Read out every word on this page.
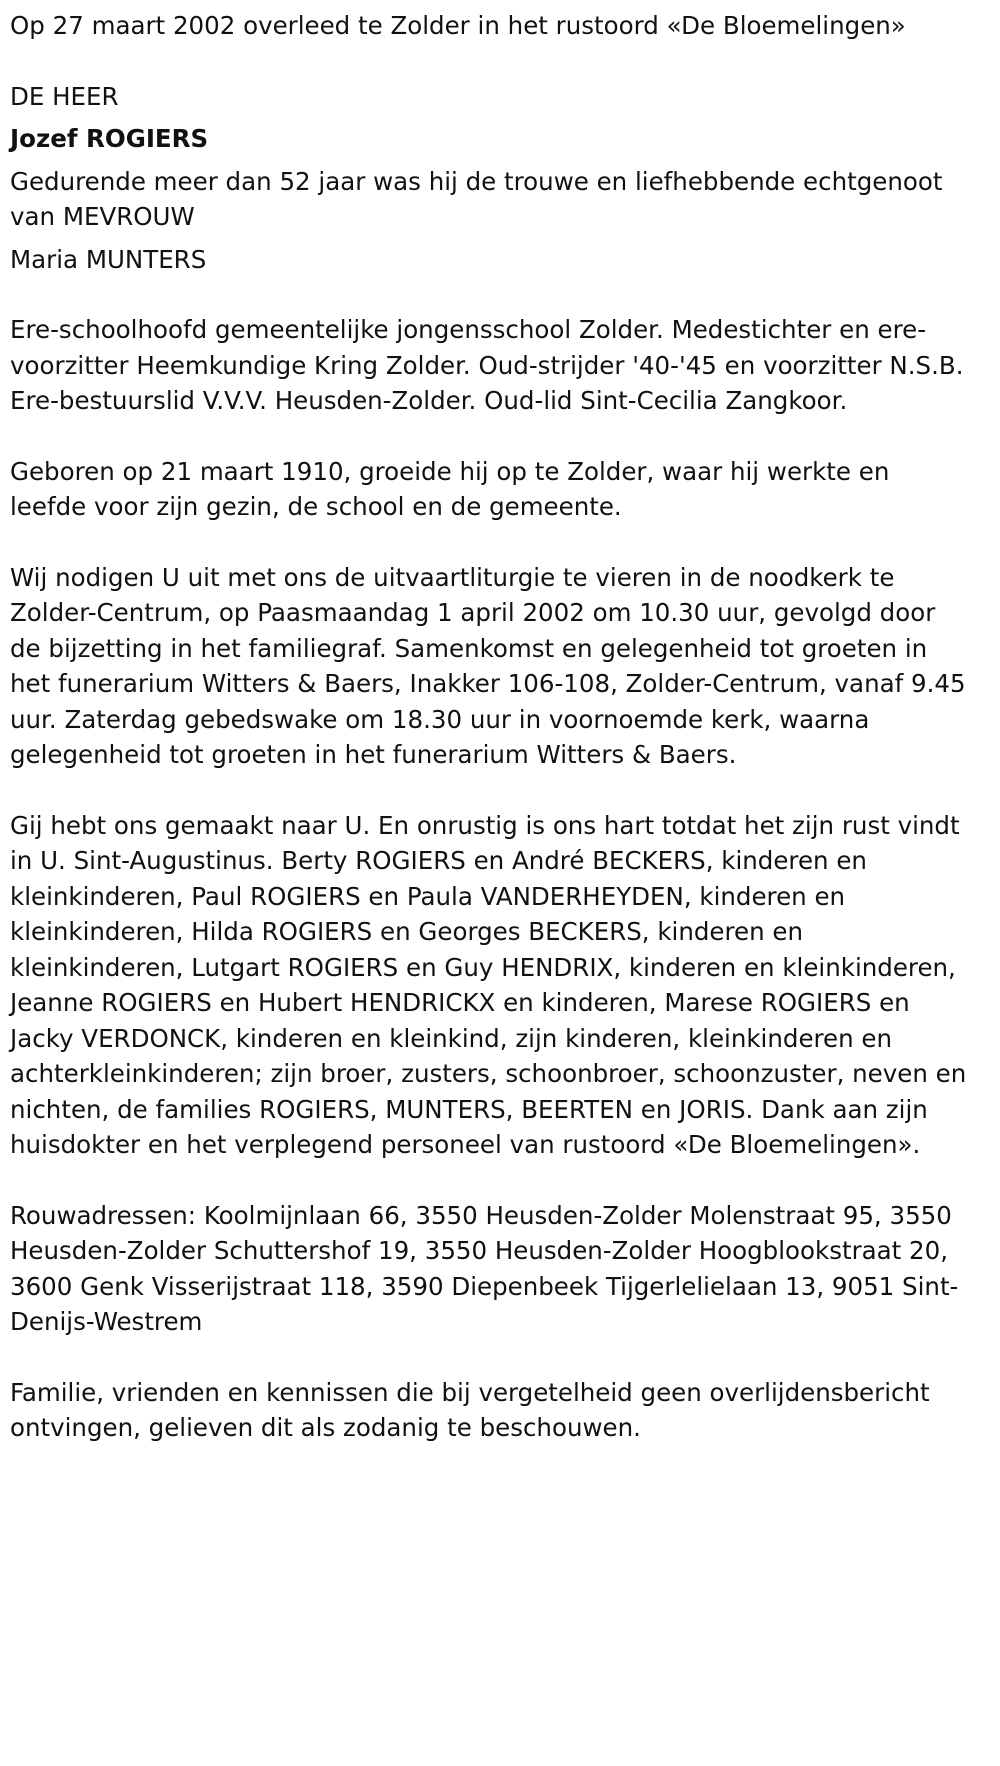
Op 27 maart 2002 overleed te Zolder in het rustoord «De Bloemelingen»

DE HEER

Jozef ROGIERS

Gedurende meer dan 52 jaar was hij de trouwe en liefhebbende echtgenoot van MEVROUW

Maria MUNTERS

Ere-schoolhoofd gemeentelijke jongensschool Zolder. Medestichter en ere-voorzitter Heemkundige Kring Zolder. Oud-strijder '40-'45 en voorzitter N.S.B. Ere-bestuurslid V.V.V. Heusden-Zolder. Oud-lid Sint-Cecilia Zangkoor.

Geboren op 21 maart 1910, groeide hij op te Zolder, waar hij werkte en leefde voor zijn gezin, de school en de gemeente.

Wij nodigen U uit met ons de uitvaartliturgie te vieren in de noodkerk te Zolder-Centrum, op Paasmaandag 1 april 2002 om 10.30 uur, gevolgd door de bijzetting in het familiegraf. Samenkomst en gelegenheid tot groeten in het funerarium Witters & Baers, Inakker 106-108, Zolder-Centrum, vanaf 9.45 uur. Zaterdag gebedswake om 18.30 uur in voornoemde kerk, waarna gelegenheid tot groeten in het funerarium Witters & Baers.

Gij hebt ons gemaakt naar U. En onrustig is ons hart totdat het zijn rust vindt in U. Sint-Augustinus. Berty ROGIERS en André BECKERS, kinderen en kleinkinderen, Paul ROGIERS en Paula VANDERHEYDEN, kinderen en kleinkinderen, Hilda ROGIERS en Georges BECKERS, kinderen en kleinkinderen, Lutgart ROGIERS en Guy HENDRIX, kinderen en kleinkinderen, Jeanne ROGIERS en Hubert HENDRICKX en kinderen, Marese ROGIERS en Jacky VERDONCK, kinderen en kleinkind, zijn kinderen, kleinkinderen en achterkleinkinderen; zijn broer, zusters, schoonbroer, schoonzuster, neven en nichten, de families ROGIERS, MUNTERS, BEERTEN en JORIS. Dank aan zijn huisdokter en het verplegend personeel van rustoord «De Bloemelingen».

Rouwadressen: Koolmijnlaan 66, 3550 Heusden-Zolder Molenstraat 95, 3550 Heusden-Zolder Schuttershof 19, 3550 Heusden-Zolder Hoogblookstraat 20, 3600 Genk Visserijstraat 118, 3590 Diepenbeek Tijgerlelielaan 13, 9051 Sint-Denijs-Westrem

Familie, vrienden en kennissen die bij vergetelheid geen overlijdensbericht ontvingen, gelieven dit als zodanig te beschouwen.
